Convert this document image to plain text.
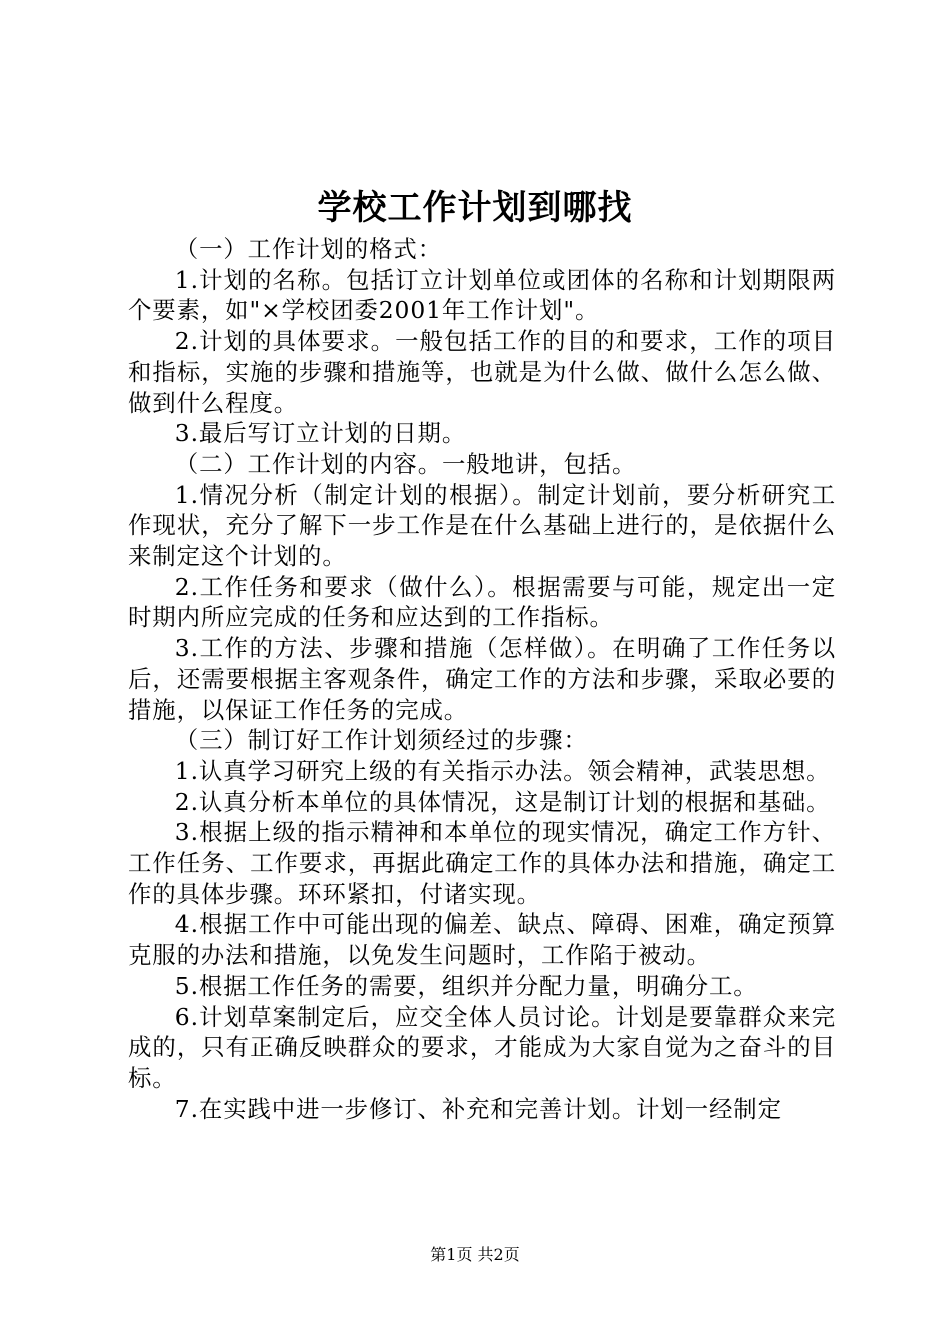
学校工作计划到哪找

（一）工作计划的格式：

1.计划的名称。包括订立计划单位或团体的名称和计划期限两个要素，如"×学校团委2001年工作计划"。

2.计划的具体要求。一般包括工作的目的和要求，工作的项目和指标，实施的步骤和措施等，也就是为什么做、做什么怎么做、做到什么程度。

3.最后写订立计划的日期。

（二）工作计划的内容。一般地讲，包括。

1.情况分析（制定计划的根据）。制定计划前，要分析研究工作现状，充分了解下一步工作是在什么基础上进行的，是依据什么来制定这个计划的。

2.工作任务和要求（做什么）。根据需要与可能，规定出一定时期内所应完成的任务和应达到的工作指标。

3.工作的方法、步骤和措施（怎样做）。在明确了工作任务以后，还需要根据主客观条件，确定工作的方法和步骤，采取必要的措施，以保证工作任务的完成。

（三）制订好工作计划须经过的步骤：

1.认真学习研究上级的有关指示办法。领会精神，武装思想。

2.认真分析本单位的具体情况，这是制订计划的根据和基础。

3.根据上级的指示精神和本单位的现实情况，确定工作方针、工作任务、工作要求，再据此确定工作的具体办法和措施，确定工作的具体步骤。环环紧扣，付诸实现。

4.根据工作中可能出现的偏差、缺点、障碍、困难，确定预算克服的办法和措施，以免发生问题时，工作陷于被动。

5.根据工作任务的需要，组织并分配力量，明确分工。

6.计划草案制定后，应交全体人员讨论。计划是要靠群众来完成的，只有正确反映群众的要求，才能成为大家自觉为之奋斗的目标。

7.在实践中进一步修订、补充和完善计划。计划一经制定

第1页 共2页
